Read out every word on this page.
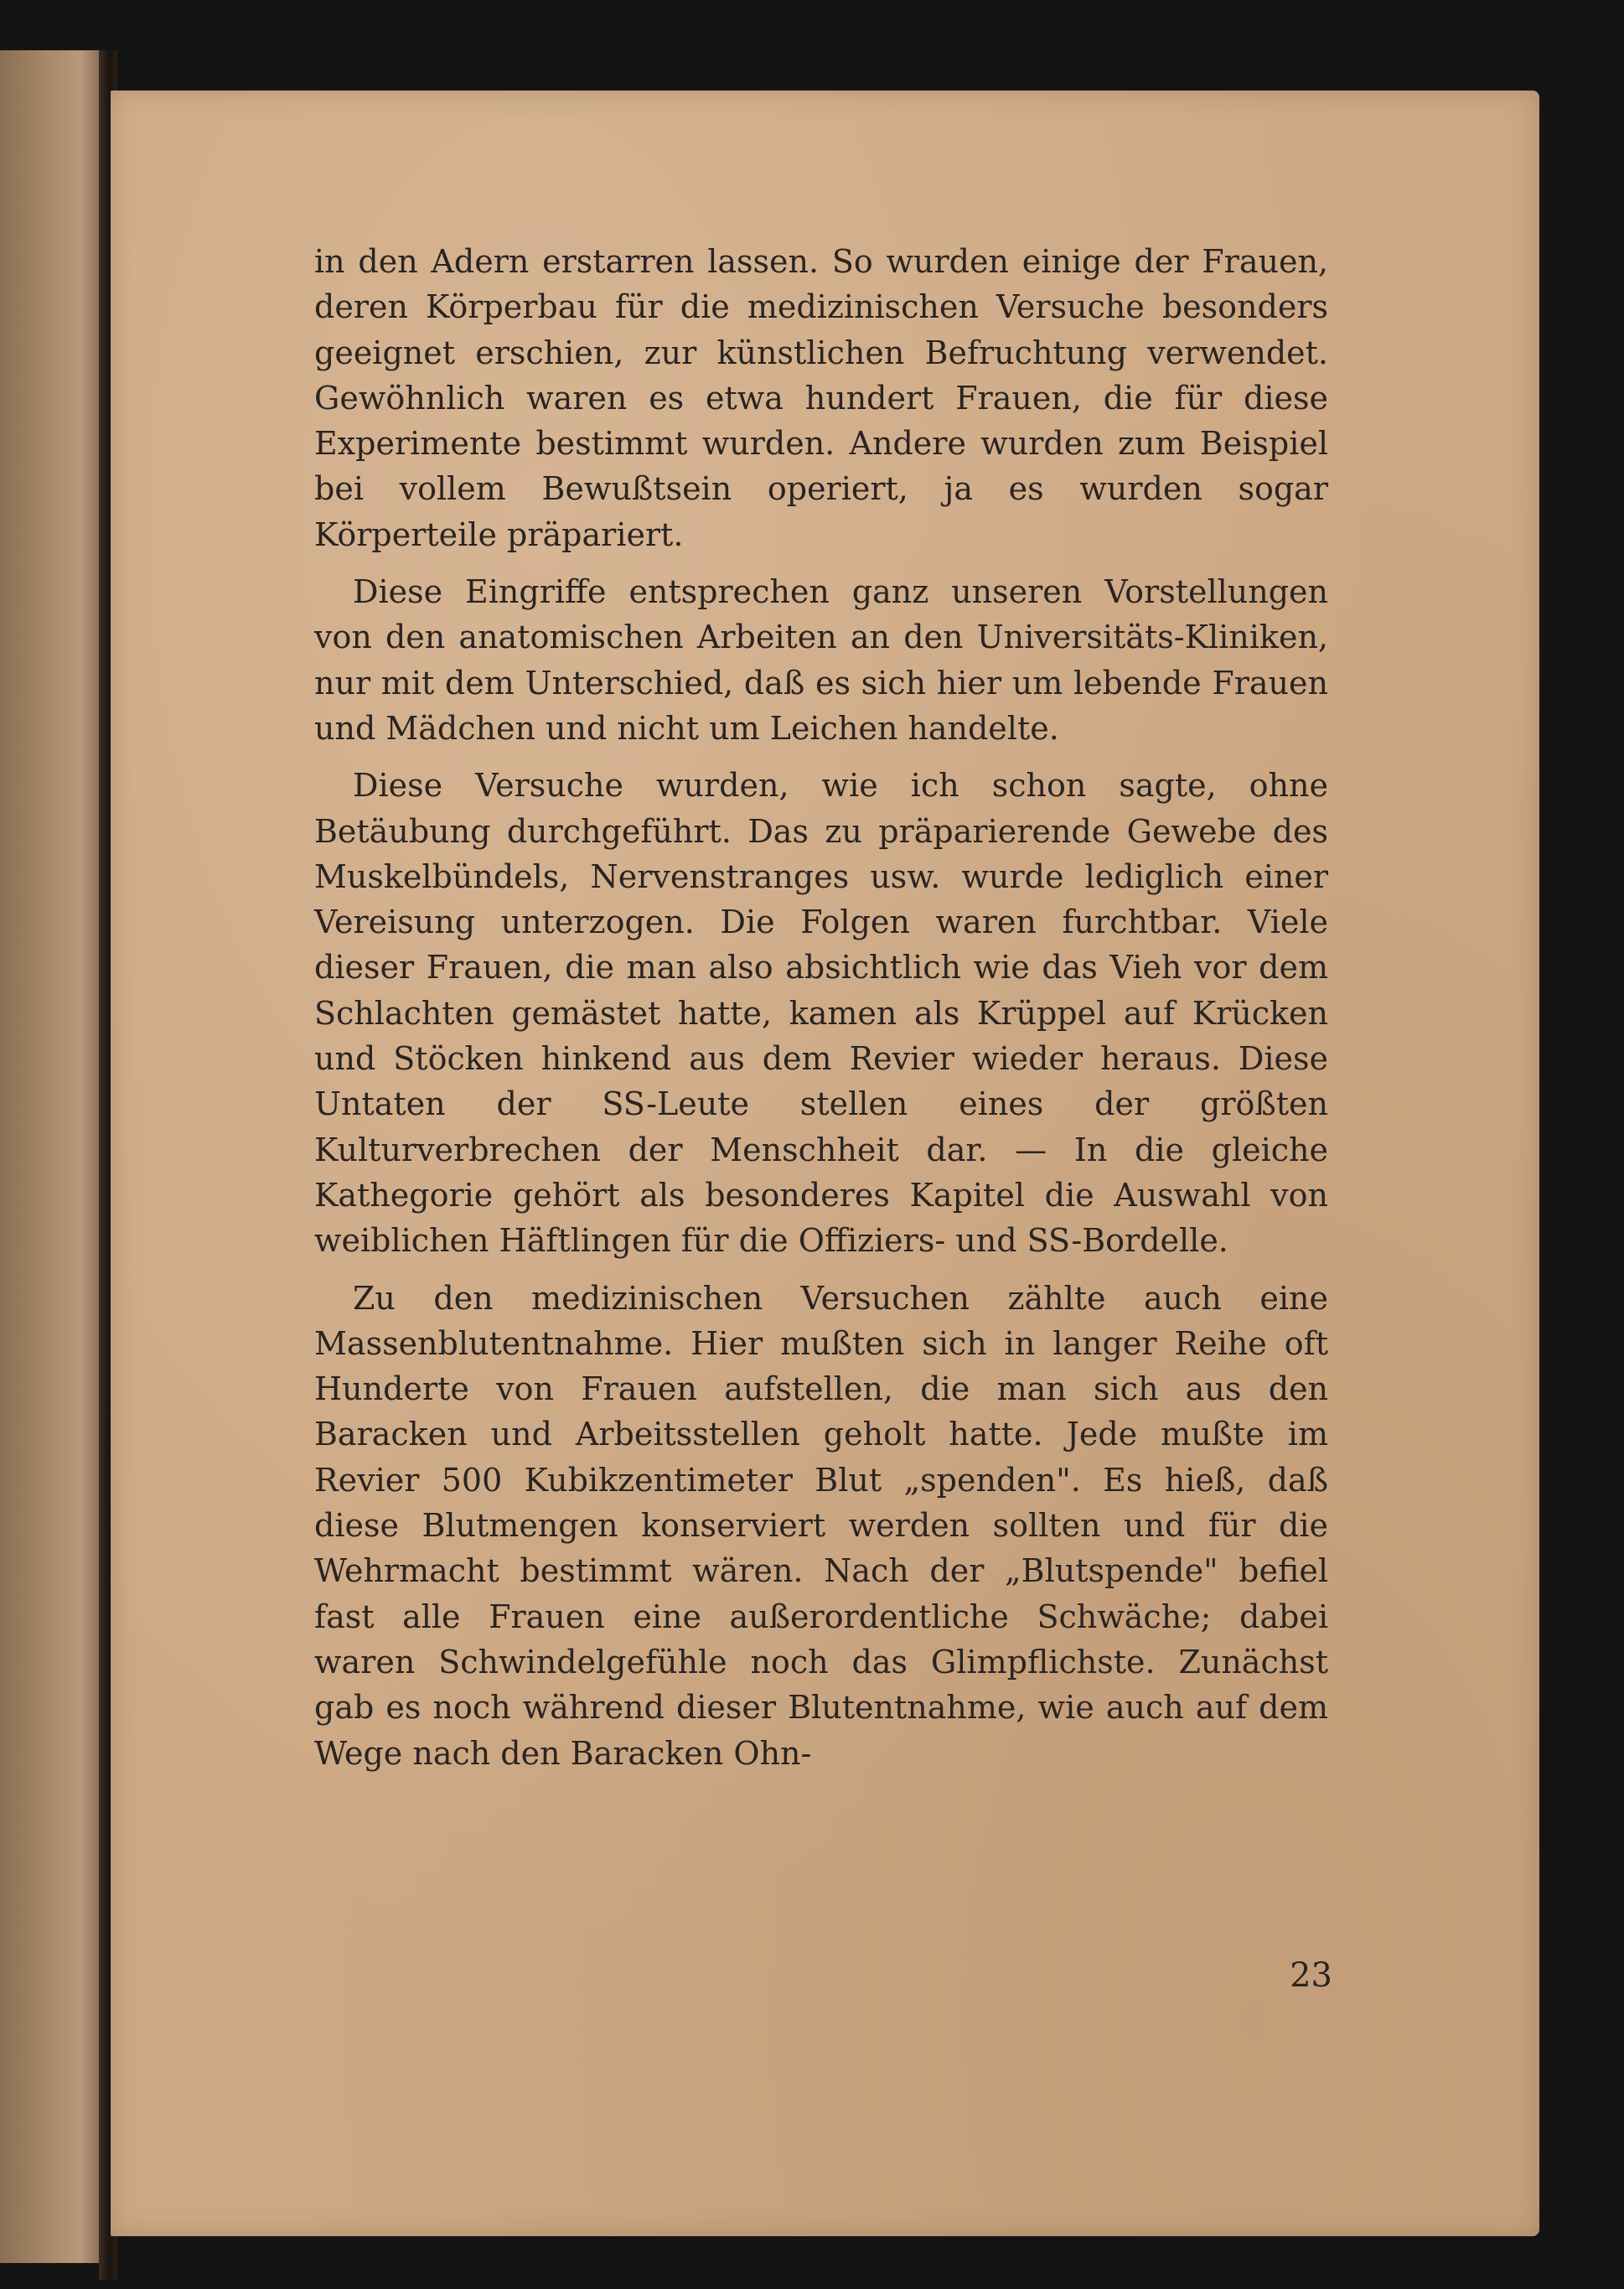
in den Adern erstarren lassen. So wurden einige der Frauen, deren Körperbau für die medizinischen Versuche besonders geeignet erschien, zur künstlichen Befruchtung verwendet. Gewöhnlich waren es etwa hundert Frauen, die für diese Experimente bestimmt wurden. Andere wurden zum Beispiel bei vollem Bewußtsein operiert, ja es wurden sogar Körperteile präpariert.

Diese Eingriffe entsprechen ganz unseren Vorstellungen von den anatomischen Arbeiten an den Universitäts-Kliniken, nur mit dem Unterschied, daß es sich hier um lebende Frauen und Mädchen und nicht um Leichen handelte.

Diese Versuche wurden, wie ich schon sagte, ohne Betäubung durchgeführt. Das zu präparierende Gewebe des Muskelbündels, Nervenstranges usw. wurde lediglich einer Vereisung unterzogen. Die Folgen waren furchtbar. Viele dieser Frauen, die man also absichtlich wie das Vieh vor dem Schlachten gemästet hatte, kamen als Krüppel auf Krücken und Stöcken hinkend aus dem Revier wieder heraus. Diese Untaten der SS-Leute stellen eines der größten Kulturverbrechen der Menschheit dar. — In die gleiche Kathegorie gehört als besonderes Kapitel die Auswahl von weiblichen Häftlingen für die Offiziers- und SS-Bordelle.

Zu den medizinischen Versuchen zählte auch eine Massenblutentnahme. Hier mußten sich in langer Reihe oft Hunderte von Frauen aufstellen, die man sich aus den Baracken und Arbeitsstellen geholt hatte. Jede mußte im Revier 500 Kubikzentimeter Blut „spenden". Es hieß, daß diese Blutmengen konserviert werden sollten und für die Wehrmacht bestimmt wären. Nach der „Blutspende" befiel fast alle Frauen eine außerordentliche Schwäche; dabei waren Schwindelgefühle noch das Glimpflichste. Zunächst gab es noch während dieser Blutentnahme, wie auch auf dem Wege nach den Baracken Ohn-

23
